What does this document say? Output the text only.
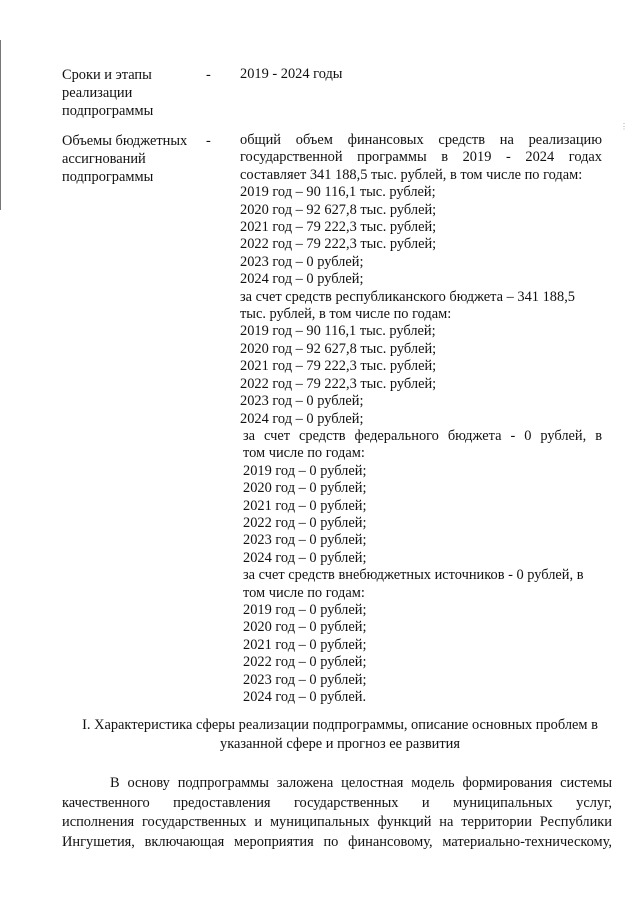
⋮
Сроки и этапы
реализации
подпрограммы
- 2019 - 2024 годы
Объемы бюджетных
ассигнований
подпрограммы
- общий объем финансовых средств на реализацию
государственной программы в 2019 - 2024 годах
составляет 341 188,5 тыс. рублей, в том числе по годам:
2019 год – 90 116,1 тыс. рублей;
2020 год – 92 627,8 тыс. рублей;
2021 год – 79 222,3 тыс. рублей;
2022 год – 79 222,3 тыс. рублей;
2023 год – 0 рублей;
2024 год – 0 рублей;
за счет средств республиканского бюджета – 341 188,5
тыс. рублей, в том числе по годам:
2019 год – 90 116,1 тыс. рублей;
2020 год – 92 627,8 тыс. рублей;
2021 год – 79 222,3 тыс. рублей;
2022 год – 79 222,3 тыс. рублей;
2023 год – 0 рублей;
2024 год – 0 рублей;
за счет средств федерального бюджета - 0 рублей, в
том числе по годам:
2019 год – 0 рублей;
2020 год – 0 рублей;
2021 год – 0 рублей;
2022 год – 0 рублей;
2023 год – 0 рублей;
2024 год – 0 рублей;
за счет средств внебюджетных источников - 0 рублей, в
том числе по годам:
2019 год – 0 рублей;
2020 год – 0 рублей;
2021 год – 0 рублей;
2022 год – 0 рублей;
2023 год – 0 рублей;
2024 год – 0 рублей.
I. Характеристика сферы реализации подпрограммы, описание основных проблем в
указанной сфере и прогноз ее развития
В основу подпрограммы заложена целостная модель формирования системы
качественного предоставления государственных и муниципальных услуг,
исполнения государственных и муниципальных функций на территории Республики
Ингушетия, включающая мероприятия по финансовому, материально-техническому,
